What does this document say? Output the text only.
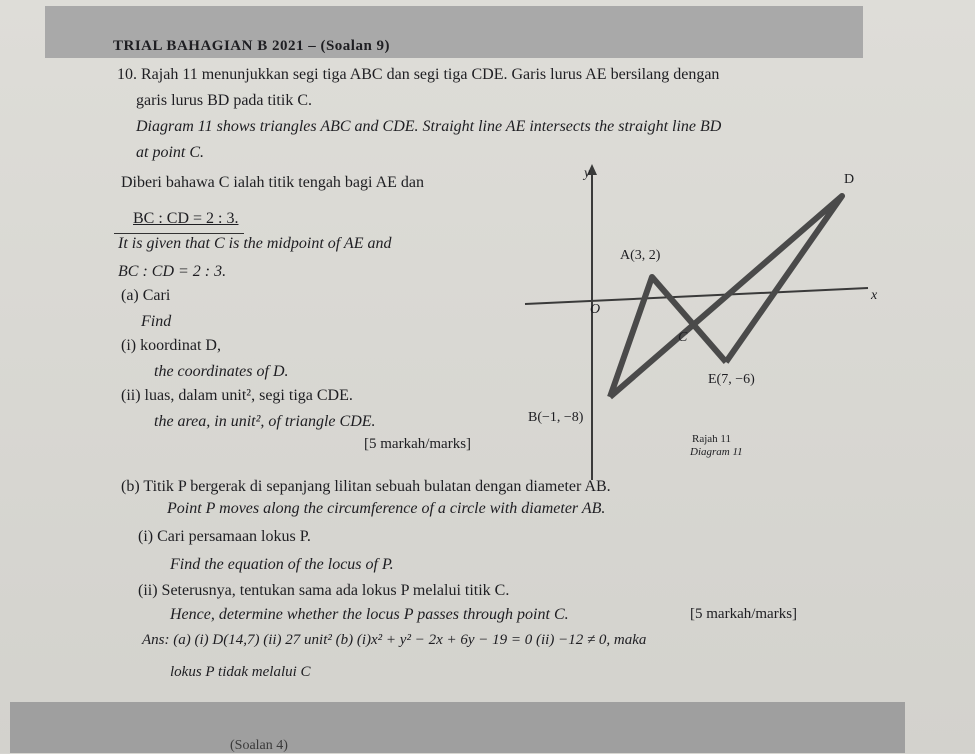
TRIAL BAHAGIAN B 2021 – (Soalan 9)
10. Rajah 11 menunjukkan segi tiga ABC dan segi tiga CDE. Garis lurus AE bersilang dengan
garis lurus BD pada titik C.
Diagram 11 shows triangles ABC and CDE. Straight line AE intersects the straight line BD
at point C.
Diberi bahawa C ialah titik tengah bagi AE dan
BC : CD = 2 : 3.
It is given that C is the midpoint of AE and
BC : CD = 2 : 3.
(a) Cari
Find
(i) koordinat D,
the coordinates of D.
(ii) luas, dalam unit², segi tiga CDE.
the area, in unit², of triangle CDE.
[5 markah/marks]
(b) Titik P bergerak di sepanjang lilitan sebuah bulatan dengan diameter AB.
Point P moves along the circumference of a circle with diameter AB.
(i) Cari persamaan lokus P.
Find the equation of the locus of P.
(ii) Seterusnya, tentukan sama ada lokus P melalui titik C.
Hence, determine whether the locus P passes through point C.	[5 markah/marks]
Ans: (a) (i) D(14,7) (ii) 27 unit² (b) (i)x² + y² − 2x + 6y − 19 = 0 (ii) −12 ≠ 0, maka
lokus P tidak melalui C
y
x
O
A(3, 2)
B(−1, −8)
C
D
E(7, −6)
Rajah 11
Diagram 11
(Soalan 4)
